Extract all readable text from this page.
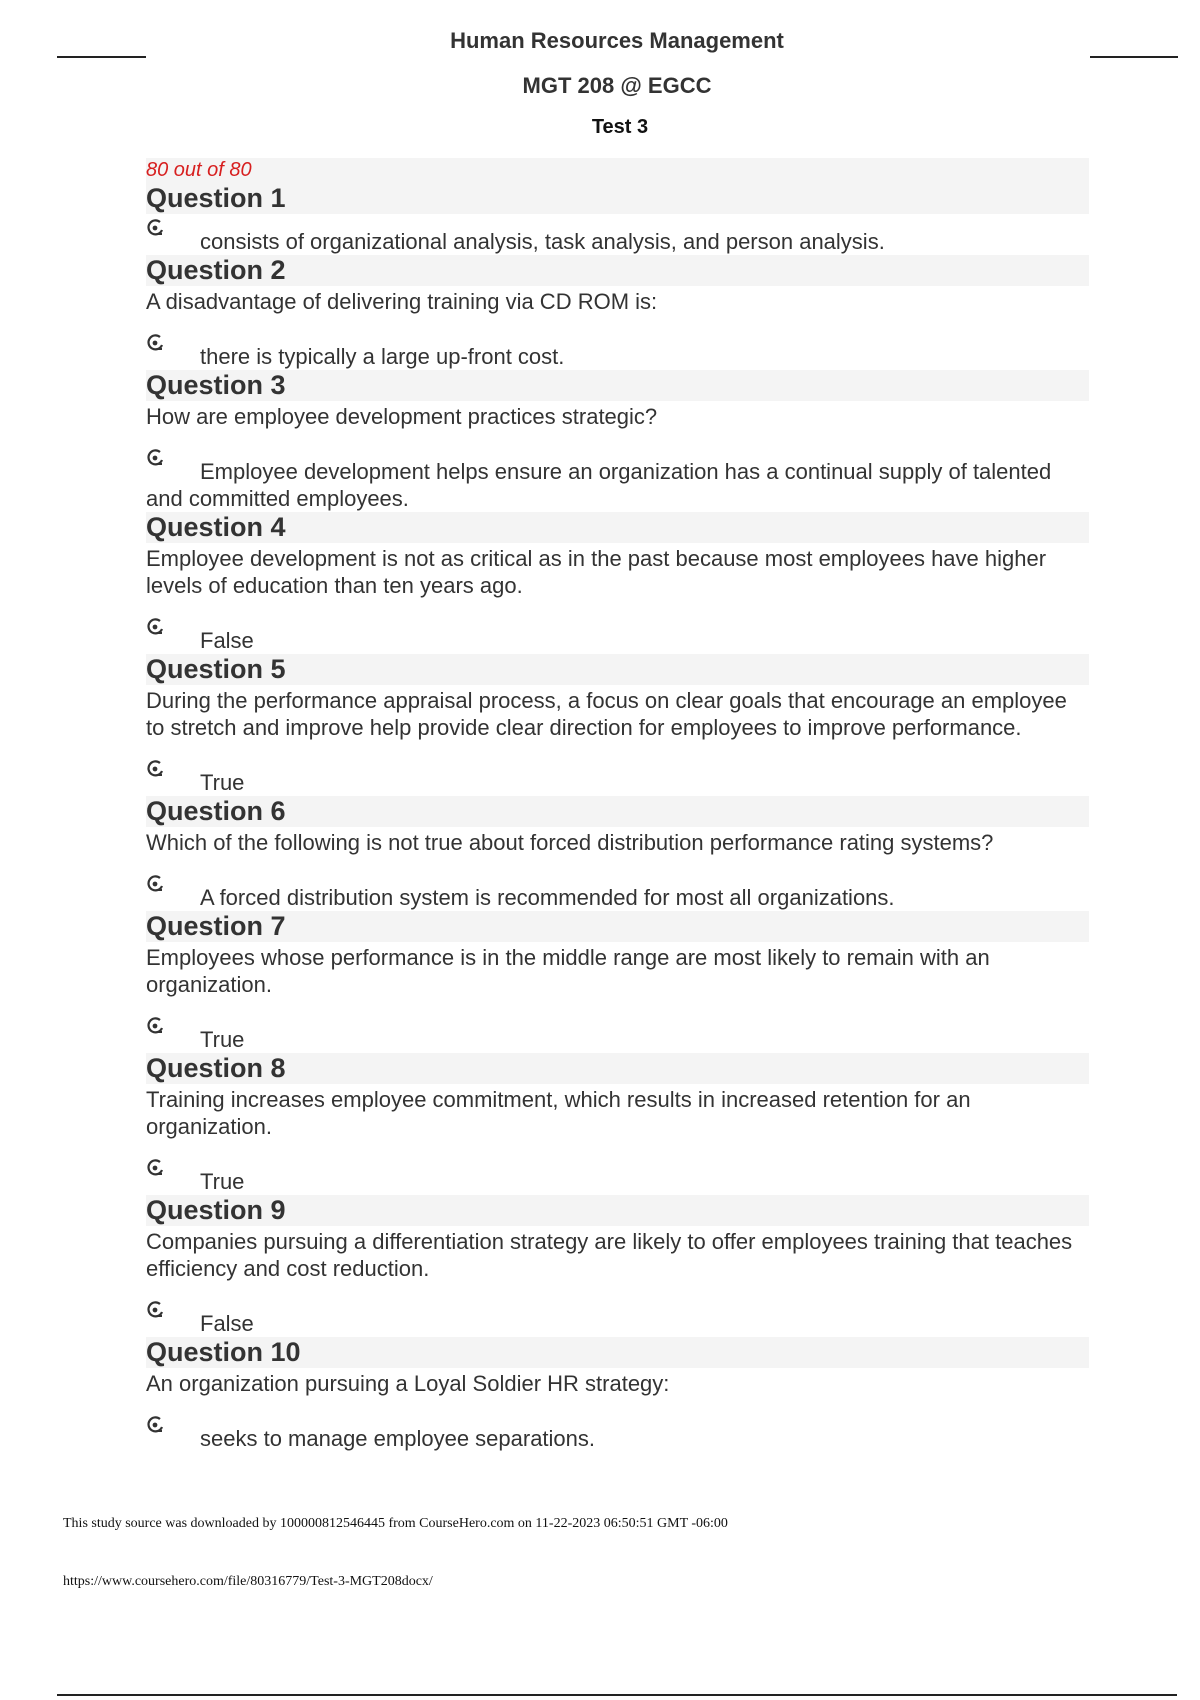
Human Resources Management
MGT 208 @ EGCC
Test 3
80 out of 80
Question 1
consists of organizational analysis, task analysis, and person analysis.
Question 2
A disadvantage of delivering training via CD ROM is:
there is typically a large up-front cost.
Question 3
How are employee development practices strategic?
Employee development helps ensure an organization has a continual supply of talented and committed employees.
Question 4
Employee development is not as critical as in the past because most employees have higher levels of education than ten years ago.
False
Question 5
During the performance appraisal process, a focus on clear goals that encourage an employee to stretch and improve help provide clear direction for employees to improve performance.
True
Question 6
Which of the following is not true about forced distribution performance rating systems?
A forced distribution system is recommended for most all organizations.
Question 7
Employees whose performance is in the middle range are most likely to remain with an organization.
True
Question 8
Training increases employee commitment, which results in increased retention for an organization.
True
Question 9
Companies pursuing a differentiation strategy are likely to offer employees training that teaches efficiency and cost reduction.
False
Question 10
An organization pursuing a Loyal Soldier HR strategy:
seeks to manage employee separations.
This study source was downloaded by 100000812546445 from CourseHero.com on 11-22-2023 06:50:51 GMT -06:00
https://www.coursehero.com/file/80316779/Test-3-MGT208docx/
